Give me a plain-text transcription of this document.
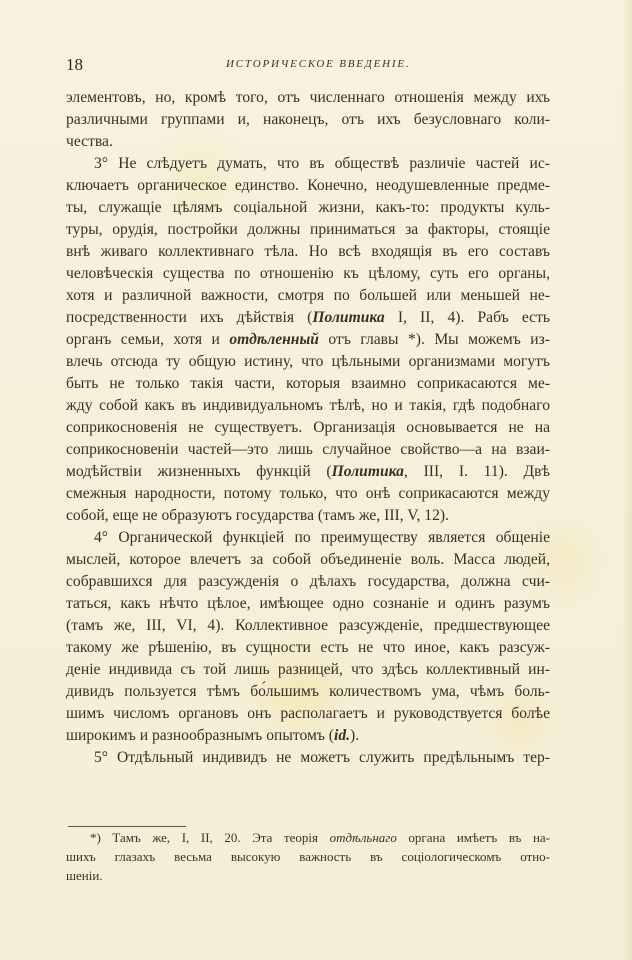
18	ИСТОРИЧЕСКОЕ ВВЕДЕНІЕ.
элементовъ, но, кромѣ того, отъ численнаго отношенія между ихъ
различными группами и, наконецъ, отъ ихъ безусловнаго коли-
чества.
3° Не слѣдуетъ думать, что въ обществѣ различіе частей ис-
ключаетъ органическое единство. Конечно, неодушевленные предме-
ты, служащіе цѣлямъ соціальной жизни, какъ-то: продукты куль-
туры, орудія, постройки должны приниматься за факторы, стоящіе
внѣ живаго коллективнаго тѣла. Но всѣ входящія въ его составъ
человѣческія существа по отношенію къ цѣлому, суть его органы,
хотя и различной важности, смотря по большей или меньшей не-
посредственности ихъ дѣйствія (Политика I, II, 4). Рабъ есть
органъ семьи, хотя и отдѣленный отъ главы *). Мы можемъ из-
влечь отсюда ту общую истину, что цѣльными организмами могутъ
быть не только такія части, которыя взаимно соприкасаются ме-
жду собой какъ въ индивидуальномъ тѣлѣ, но и такія, гдѣ подобнаго
соприкосновенія не существуетъ. Организація основывается не на
соприкосновеніи частей—это лишь случайное свойство—а на взаи-
модѣйствіи жизненныхъ функцій (Политика, III, I. 11). Двѣ
смежныя народности, потому только, что онѣ соприкасаются между
собой, еще не образуютъ государства (тамъ же, III, V, 12).
4° Органической функціей по преимуществу является общеніе
мыслей, которое влечетъ за собой объединеніе воль. Масса людей,
собравшихся для разсужденія о дѣлахъ государства, должна счи-
таться, какъ нѣчто цѣлое, имѣющее одно сознаніе и одинъ разумъ
(тамъ же, III, VI, 4). Коллективное разсужденіе, предшествующее
такому же рѣшенію, въ сущности есть не что иное, какъ разсуж-
деніе индивида съ той лишь разницей, что здѣсь коллективный ин-
дивидъ пользуется тѣмъ бо́льшимъ количествомъ ума, чѣмъ боль-
шимъ числомъ органовъ онъ располагаетъ и руководствуется болѣе
широкимъ и разнообразнымъ опытомъ (id.).
5° Отдѣльный индивидъ не можетъ служить предѣльнымъ тер-
*) Тамъ же, I, II, 20. Эта теорія отдѣльнаго органа имѣетъ въ на-
шихъ глазахъ весьма высокую важность въ соціологическомъ отно-
шеніи.
